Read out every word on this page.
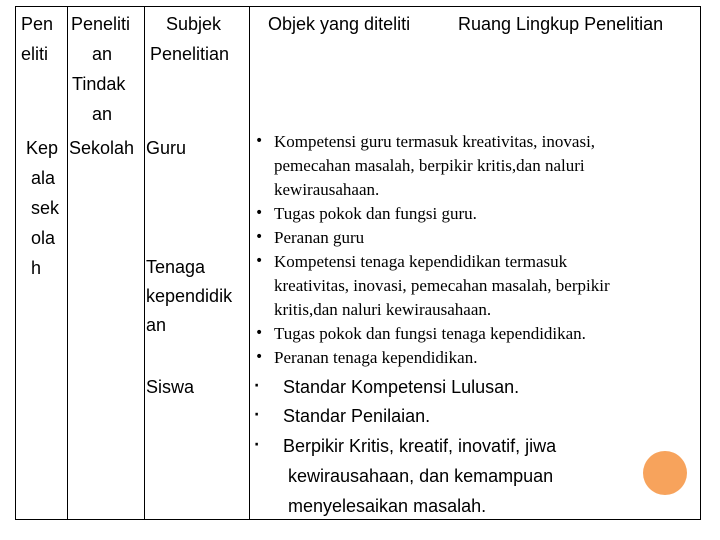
Pen
eliti
Peneliti
an
Tindak
an
Subjek
Penelitian
Objek yang diteliti	Ruang Lingkup Penelitian
Kep
ala
sek
ola
h
Sekolah Guru
Tenaga
kependidik
an
Siswa
• Kompetensi guru termasuk kreativitas, inovasi,
pemecahan masalah, berpikir kritis,dan naluri
kewirausahaan.
• Tugas pokok dan fungsi guru.
• Peranan guru
• Kompetensi tenaga kependidikan termasuk
kreativitas, inovasi, pemecahan masalah, berpikir
kritis,dan naluri kewirausahaan.
• Tugas pokok dan fungsi tenaga kependidikan.
• Peranan tenaga kependidikan.
· Standar Kompetensi Lulusan.
· Standar Penilaian.
· Berpikir Kritis, kreatif, inovatif, jiwa
kewirausahaan, dan kemampuan
menyelesaikan masalah.
